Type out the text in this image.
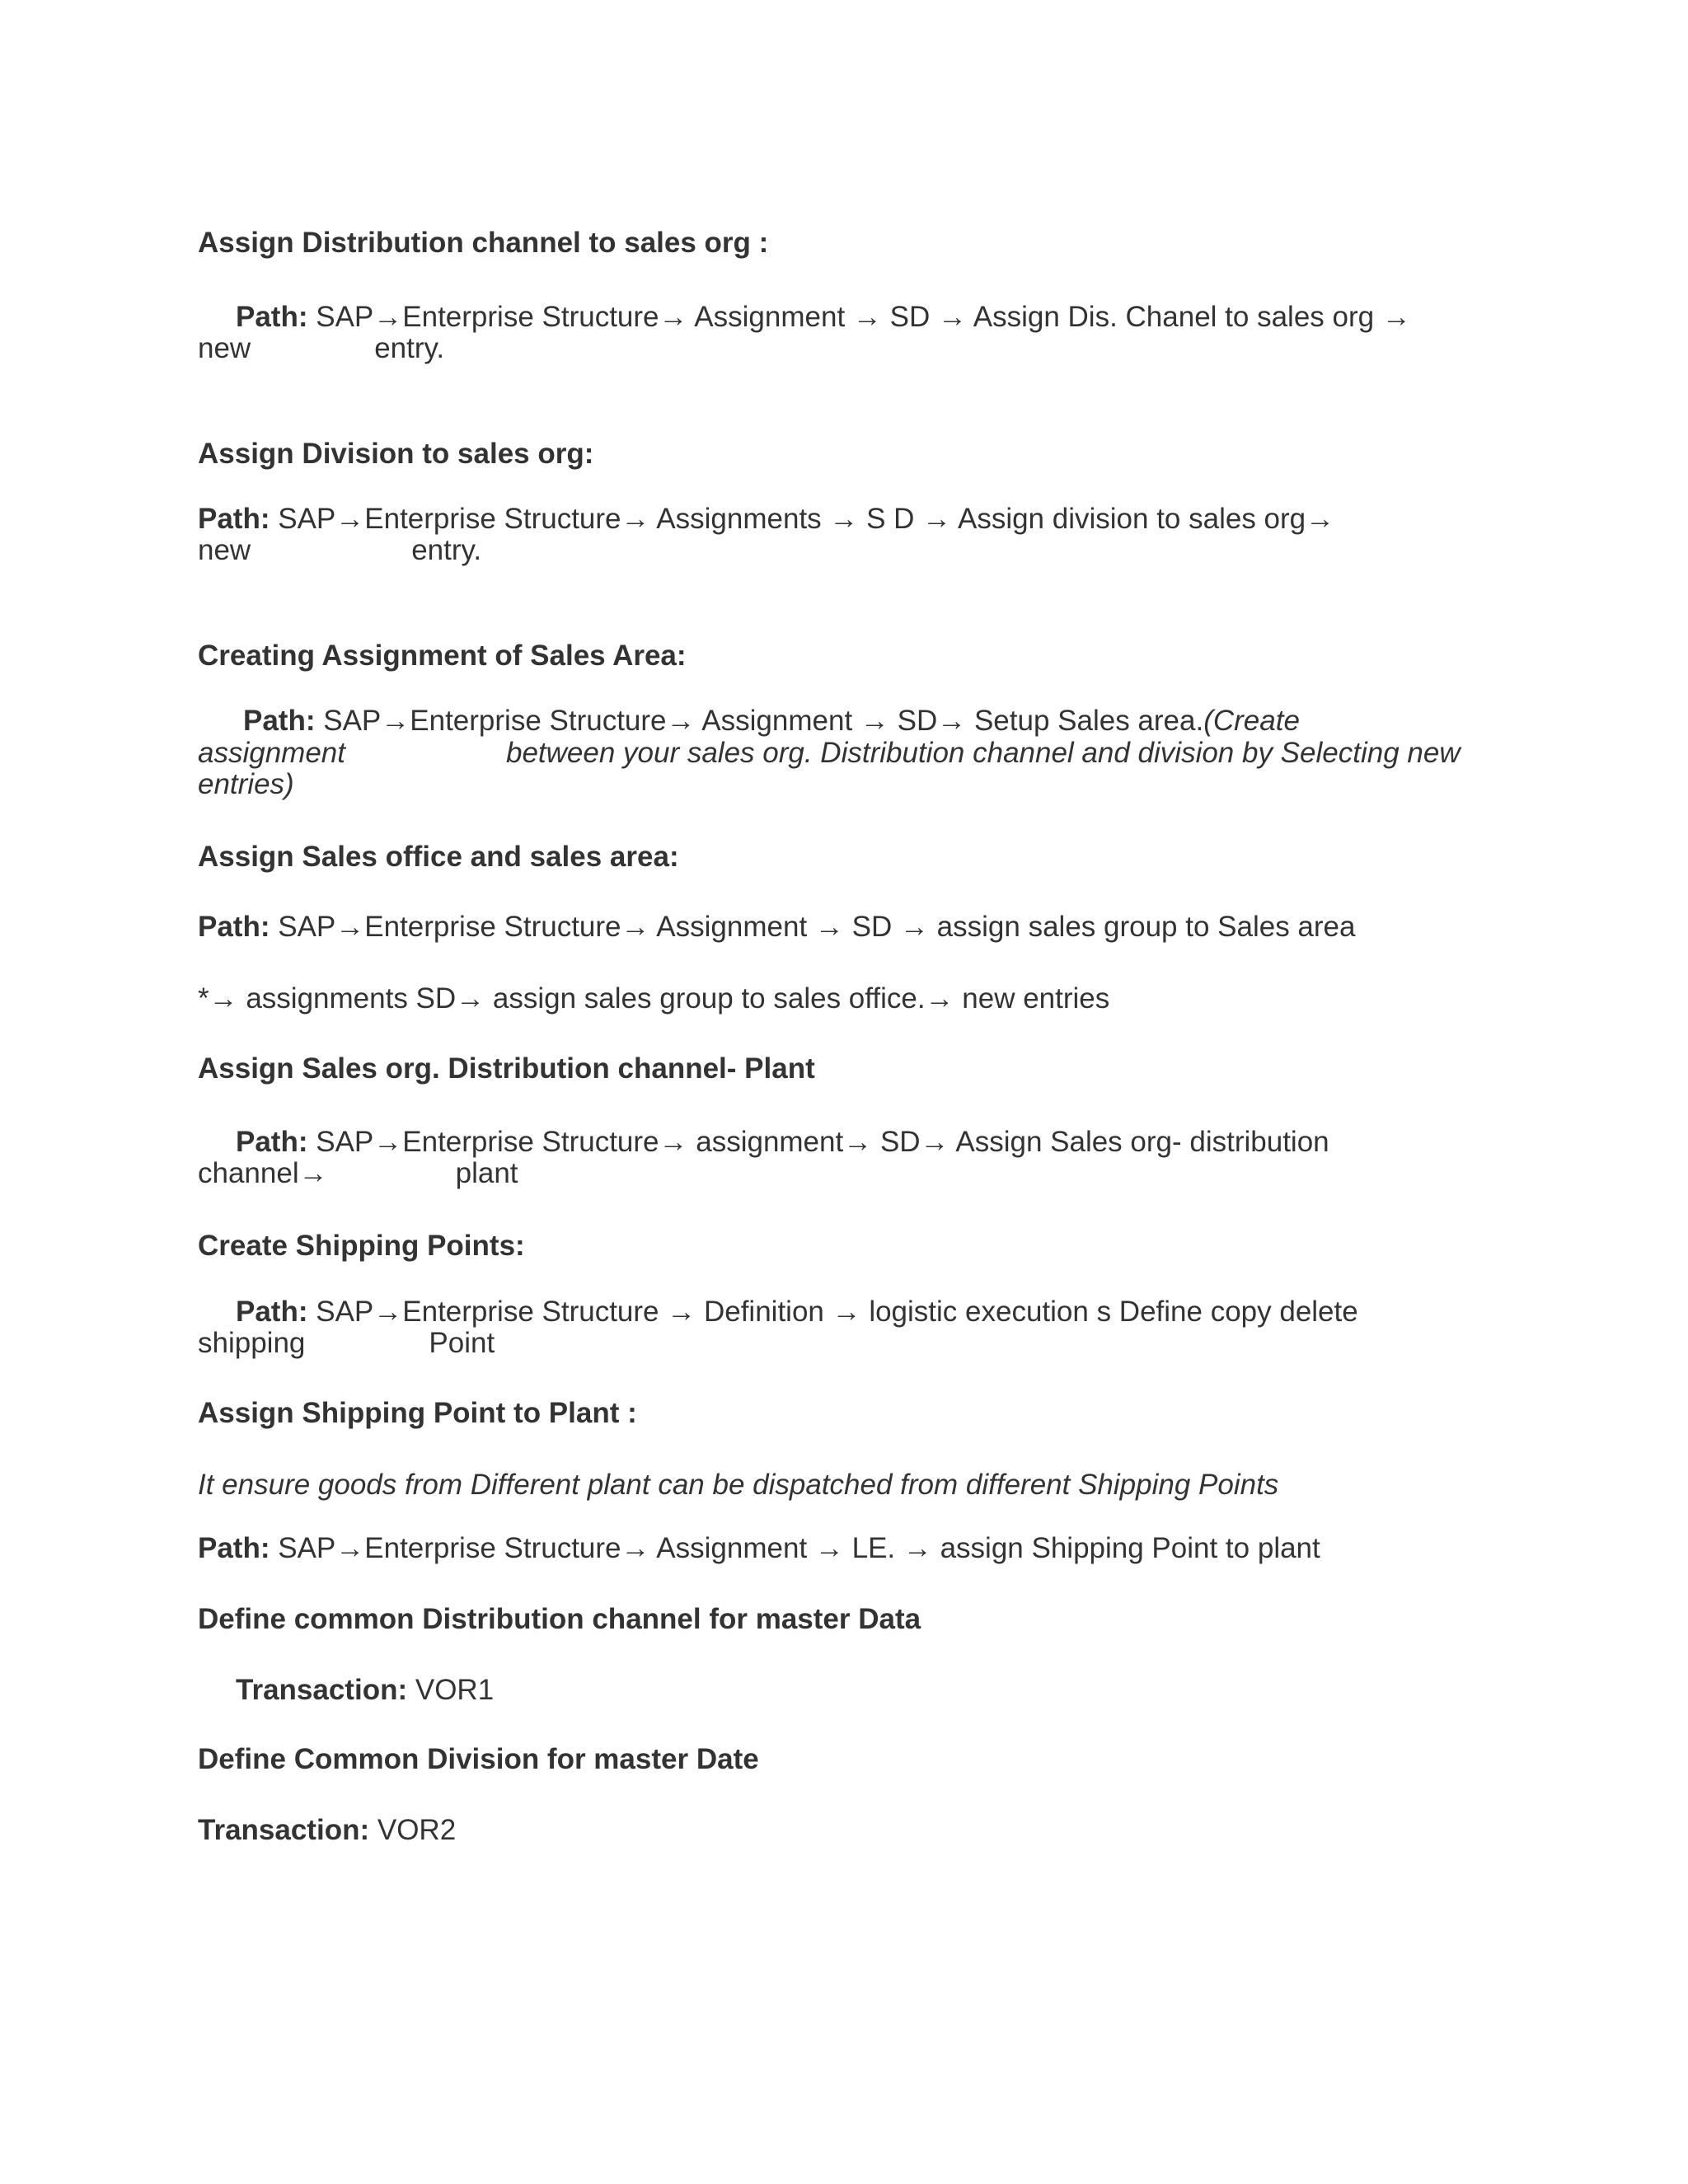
Assign Distribution channel to sales org :
Path: SAP→Enterprise Structure→ Assignment → SD → Assign Dis. Chanel to sales org →
new	entry.
Assign Division to sales org:
Path: SAP→Enterprise Structure→ Assignments → S D → Assign division to sales org→
new	entry.
Creating Assignment of Sales Area:
Path: SAP→Enterprise Structure→ Assignment → SD→ Setup Sales area.(Create
assignment	between your sales org. Distribution channel and division by Selecting new
entries)
Assign Sales office and sales area:
Path: SAP→Enterprise Structure→ Assignment → SD → assign sales group to Sales area
*→ assignments SD→ assign sales group to sales office.→ new entries
Assign Sales org. Distribution channel- Plant
Path: SAP→Enterprise Structure→ assignment→ SD→ Assign Sales org- distribution
channel→	plant
Create Shipping Points:
Path: SAP→Enterprise Structure → Definition → logistic execution s Define copy delete
shipping	Point
Assign Shipping Point to Plant :
It ensure goods from Different plant can be dispatched from different Shipping Points
Path: SAP→Enterprise Structure→ Assignment → LE. → assign Shipping Point to plant
Define common Distribution channel for master Data
Transaction: VOR1
Define Common Division for master Date
Transaction: VOR2
